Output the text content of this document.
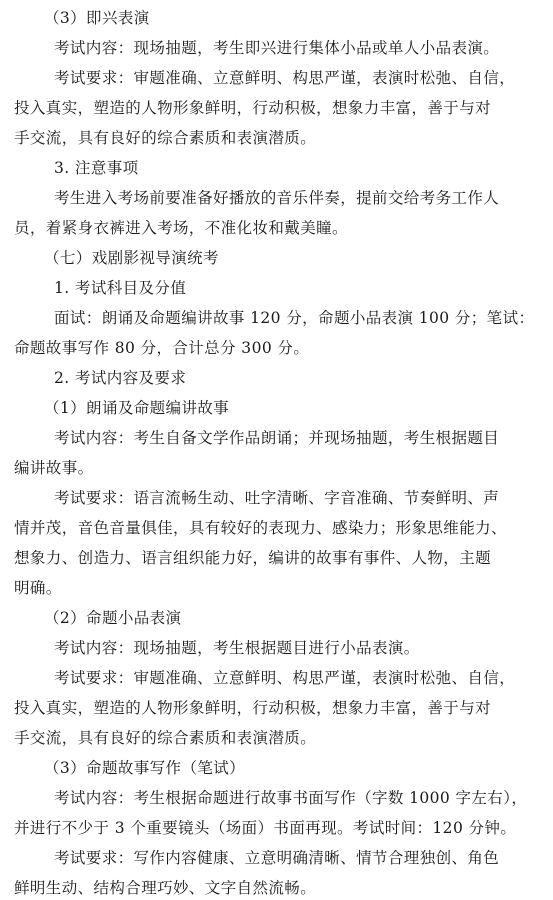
（3）即兴表演
考试内容：现场抽题，考生即兴进行集体小品或单人小品表演。
考试要求：审题准确、立意鲜明、构思严谨，表演时松弛、自信，
投入真实，塑造的人物形象鲜明，行动积极，想象力丰富，善于与对
手交流，具有良好的综合素质和表演潜质。
3. 注意事项
考生进入考场前要准备好播放的音乐伴奏，提前交给考务工作人
员，着紧身衣裤进入考场，不准化妆和戴美瞳。
（七）戏剧影视导演统考
1. 考试科目及分值
面试：朗诵及命题编讲故事 120 分，命题小品表演 100 分；笔试：
命题故事写作 80 分，合计总分 300 分。
2. 考试内容及要求
（1）朗诵及命题编讲故事
考试内容：考生自备文学作品朗诵；并现场抽题，考生根据题目
编讲故事。
考试要求：语言流畅生动、吐字清晰、字音准确、节奏鲜明、声
情并茂，音色音量俱佳，具有较好的表现力、感染力；形象思维能力、
想象力、创造力、语言组织能力好，编讲的故事有事件、人物，主题
明确。
（2）命题小品表演
考试内容：现场抽题，考生根据题目进行小品表演。
考试要求：审题准确、立意鲜明、构思严谨，表演时松弛、自信，
投入真实，塑造的人物形象鲜明，行动积极，想象力丰富，善于与对
手交流，具有良好的综合素质和表演潜质。
（3）命题故事写作（笔试）
考试内容：考生根据命题进行故事书面写作（字数 1000 字左右），
并进行不少于 3 个重要镜头（场面）书面再现。考试时间：120 分钟。
考试要求：写作内容健康、立意明确清晰、情节合理独创、角色
鲜明生动、结构合理巧妙、文字自然流畅。
